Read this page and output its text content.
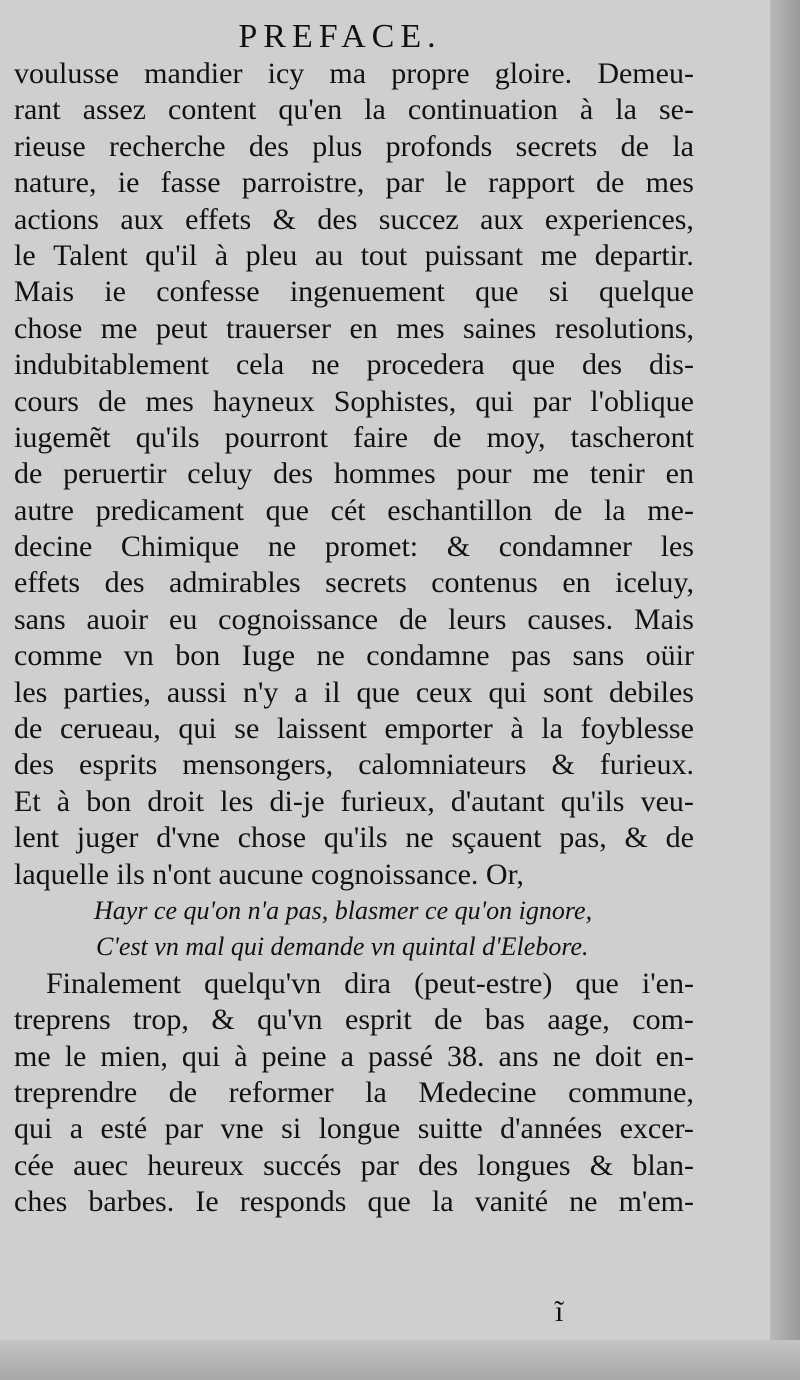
PREFACE.
voulusse mandier icy ma propre gloire. Demeu-
rant assez content qu'en la continuation à la se-
rieuse recherche des plus profonds secrets de la
nature, ie fasse parroistre, par le rapport de mes
actions aux effets & des succez aux experiences,
le Talent qu'il à pleu au tout puissant me departir.
Mais ie confesse ingenuement que si quelque
chose me peut trauerser en mes saines resolutions,
indubitablement cela ne procedera que des dis-
cours de mes hayneux Sophistes, qui par l'oblique
iugemẽt qu'ils pourront faire de moy, tascheront
de peruertir celuy des hommes pour me tenir en
autre predicament que cét eschantillon de la me-
decine Chimique ne promet: & condamner les
effets des admirables secrets contenus en iceluy,
sans auoir eu cognoissance de leurs causes. Mais
comme vn bon Iuge ne condamne pas sans oüir
les parties, aussi n'y a il que ceux qui sont debiles
de cerueau, qui se laissent emporter à la foyblesse
des esprits mensongers, calomniateurs & furieux.
Et à bon droit les di-je furieux, d'autant qu'ils veu-
lent juger d'vne chose qu'ils ne sçauent pas, & de
laquelle ils n'ont aucune cognoissance. Or,
Hayr ce qu'on n'a pas, blasmer ce qu'on ignore,
C'est vn mal qui demande vn quintal d'Elebore.
Finalement quelqu'vn dira (peut-estre) que i'en-
treprens trop, & qu'vn esprit de bas aage, com-
me le mien, qui à peine a passé 38. ans ne doit en-
treprendre de reformer la Medecine commune,
qui a esté par vne si longue suitte d'années excer-
cée auec heureux succés par des longues & blan-
ches barbes. Ie responds que la vanité ne m'em-
ĩ
